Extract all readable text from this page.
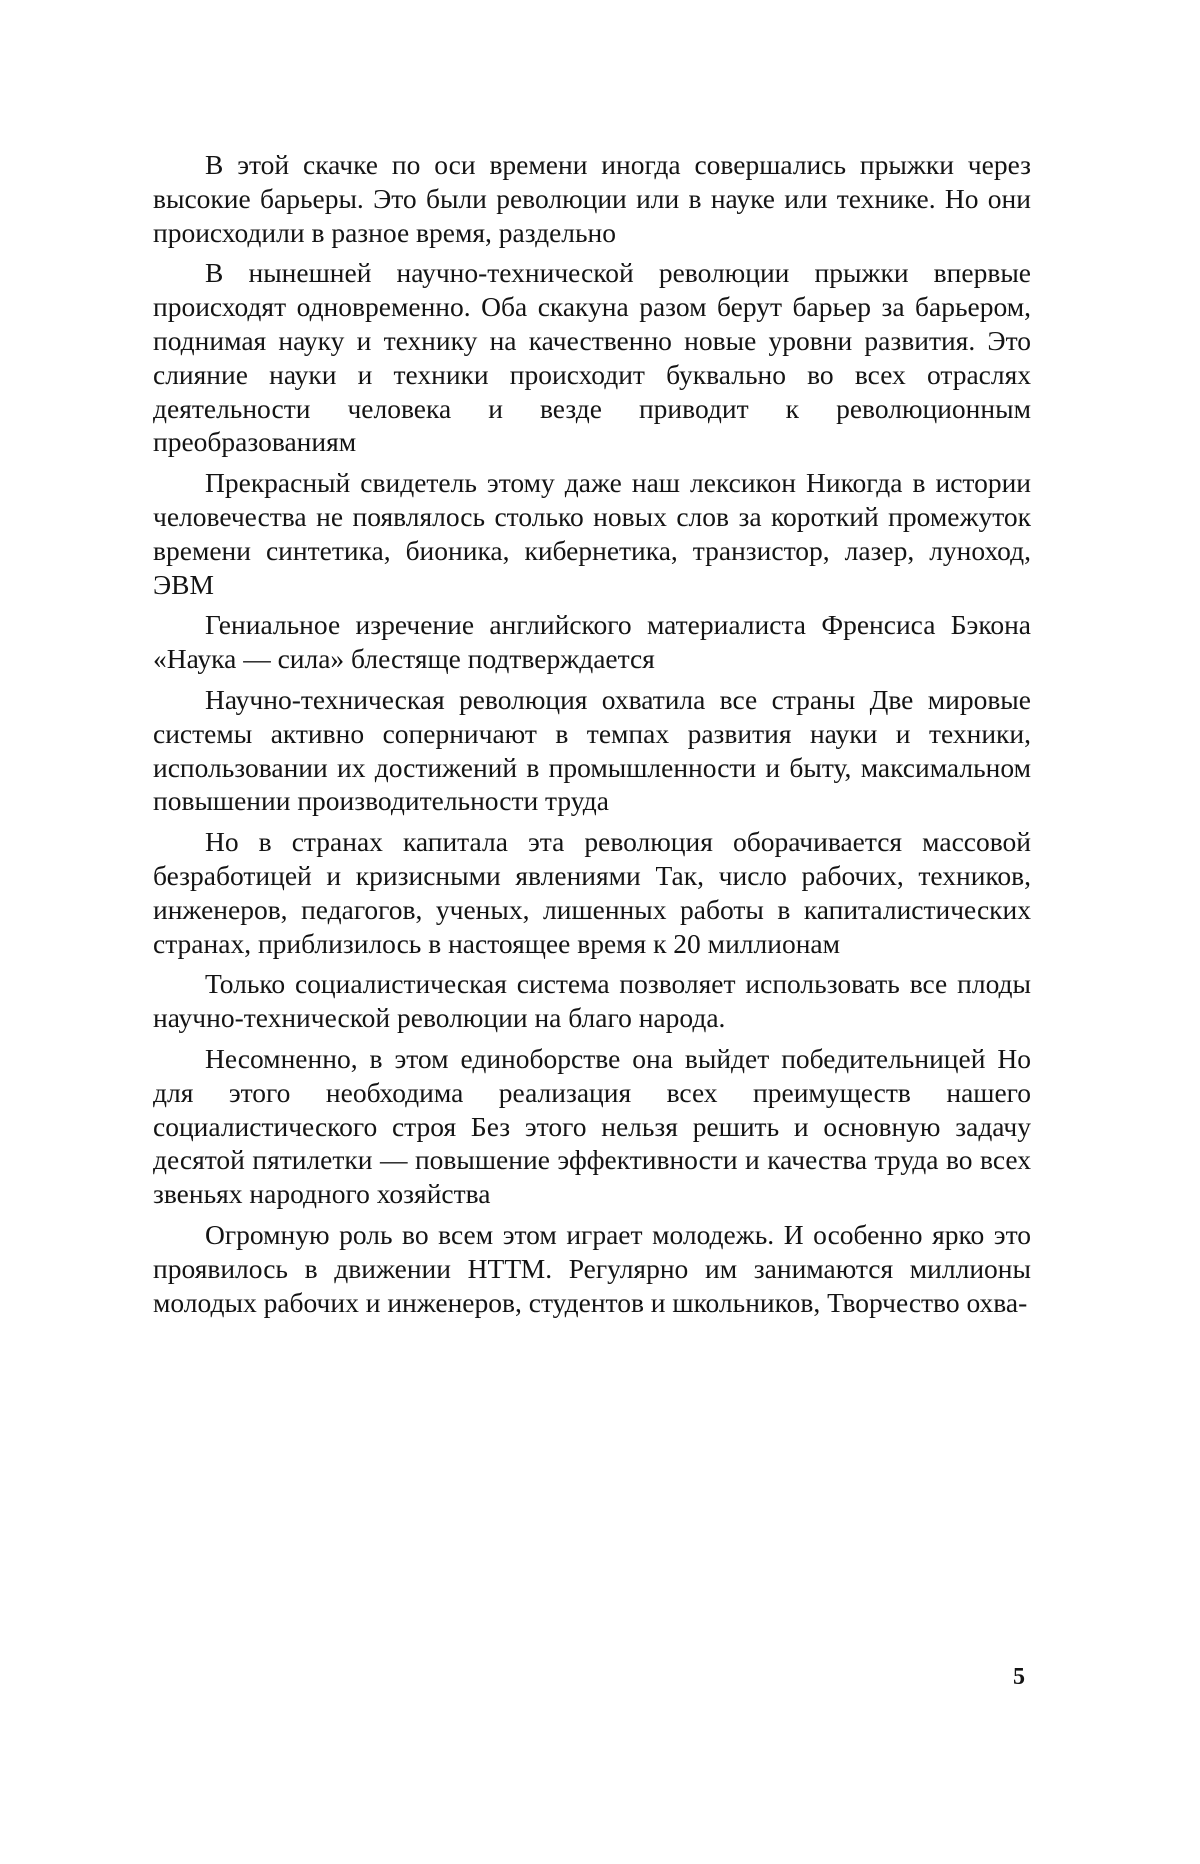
В этой скачке по оси времени иногда совершались прыжки через высокие барьеры. Это были революции или в науке или технике. Но они происходили в разное время, раздельно

В нынешней научно-технической революции прыжки впервые происходят одновременно. Оба скакуна разом берут барьер за барьером, поднимая науку и технику на качественно новые уровни развития. Это слияние науки и техники происходит буквально во всех отраслях деятельности человека и везде приводит к революционным преобразованиям

Прекрасный свидетель этому даже наш лексикон Никогда в истории человечества не появлялось столько новых слов за короткий промежуток времени синтетика, бионика, кибернетика, транзистор, лазер, луноход, ЭВМ

Гениальное изречение английского материалиста Френсиса Бэкона «Наука — сила» блестяще подтверждается

Научно-техническая революция охватила все страны Две мировые системы активно соперничают в темпах развития науки и техники, использовании их достижений в промышленности и быту, максимальном повышении производительности труда

Но в странах капитала эта революция оборачивается массовой безработицей и кризисными явлениями Так, число рабочих, техников, инженеров, педагогов, ученых, лишенных работы в капиталистических странах, приблизилось в настоящее время к 20 миллионам

Только социалистическая система позволяет использовать все плоды научно-технической революции на благо народа.

Несомненно, в этом единоборстве она выйдет победительницей Но для этого необходима реализация всех преимуществ нашего социалистического строя Без этого нельзя решить и основную задачу десятой пятилетки — повышение эффективности и качества труда во всех звеньях народного хозяйства

Огромную роль во всем этом играет молодежь. И особенно ярко это проявилось в движении НТТМ. Регулярно им занимаются миллионы молодых рабочих и инженеров, студентов и школьников, Творчество охва-

5
